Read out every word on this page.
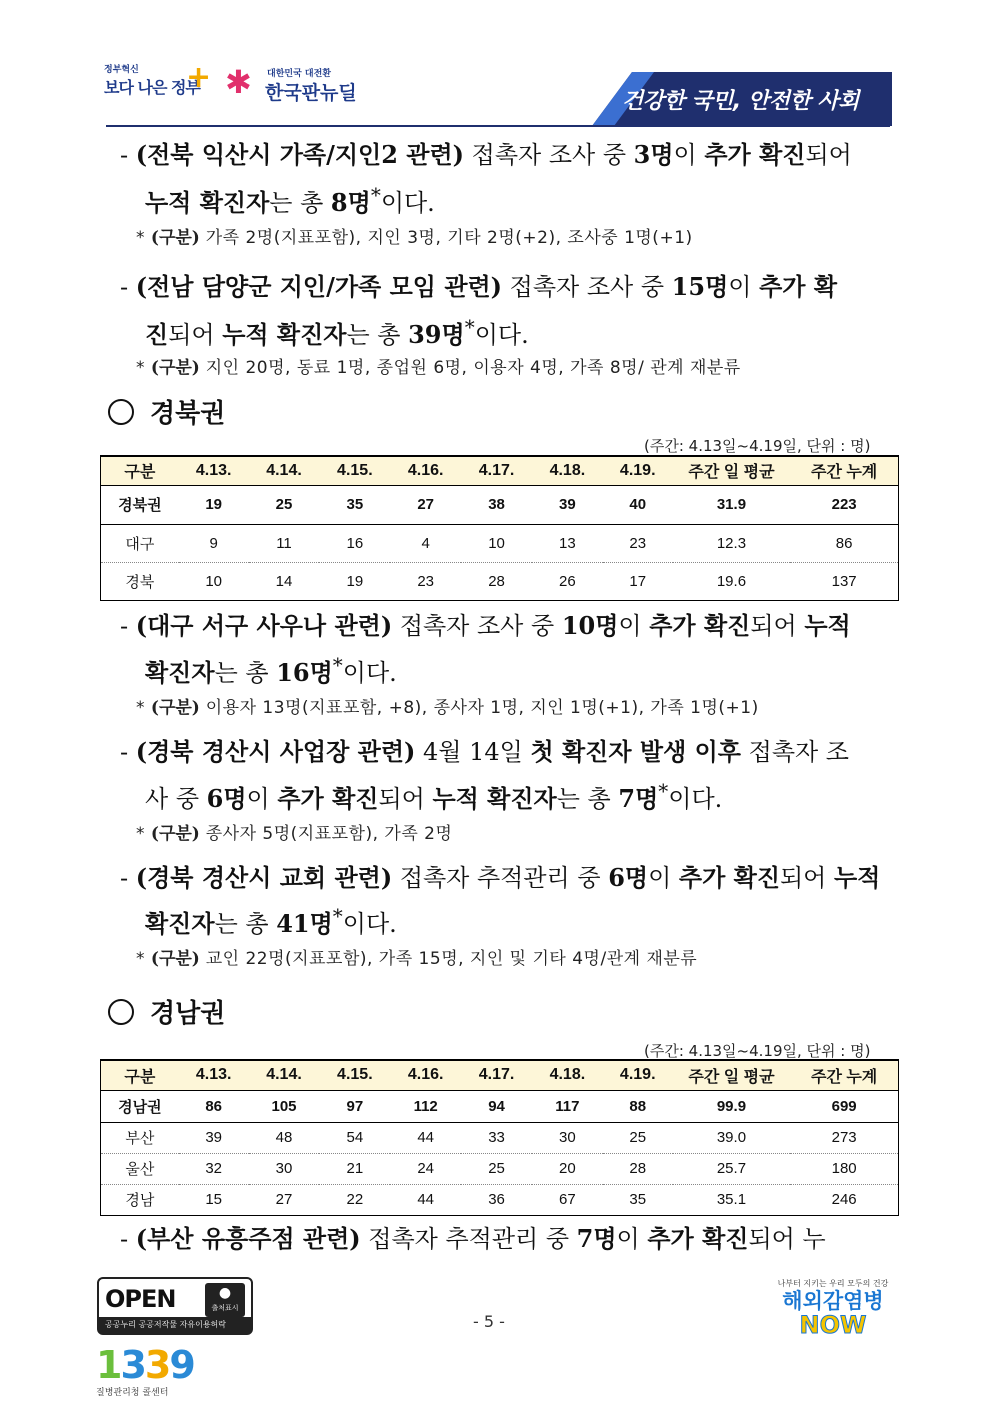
정부혁신
보다 나은 정부
+ ✱ 대한민국 대전환
한국판뉴딜	건강한 국민, 안전한 사회
- (전북 익산시 가족/지인2 관련) 접촉자 조사 중 3명이 추가 확진되어
누적 확진자는 총 8명*이다.
* (구분) 가족 2명(지표포함), 지인 3명, 기타 2명(+2), 조사중 1명(+1)
- (전남 담양군 지인/가족 모임 관련) 접촉자 조사 중 15명이 추가 확
진되어 누적 확진자는 총 39명*이다.
* (구분) 지인 20명, 동료 1명, 종업원 6명, 이용자 4명, 가족 8명/ 관계 재분류
경북권
(주간: 4.13일~4.19일, 단위 : 명)
구분	4.13.	4.14.	4.15.	4.16.	4.17.	4.18.	4.19.	주간 일 평균	주간 누계
경북권	19	25	35	27	38	39	40	31.9	223
대구	9	11	16	4	10	13	23	12.3	86
경북	10	14	19	23	28	26	17	19.6	137
- (대구 서구 사우나 관련) 접촉자 조사 중 10명이 추가 확진되어 누적
확진자는 총 16명*이다.
* (구분) 이용자 13명(지표포함, +8), 종사자 1명, 지인 1명(+1), 가족 1명(+1)
- (경북 경산시 사업장 관련) 4월 14일 첫 확진자 발생 이후 접촉자 조
사 중 6명이 추가 확진되어 누적 확진자는 총 7명*이다.
* (구분) 종사자 5명(지표포함), 가족 2명
- (경북 경산시 교회 관련) 접촉자 추적관리 중 6명이 추가 확진되어 누적
확진자는 총 41명*이다.
* (구분) 교인 22명(지표포함), 가족 15명, 지인 및 기타 4명/관계 재분류
경남권
(주간: 4.13일~4.19일, 단위 : 명)
구분	4.13.	4.14.	4.15.	4.16.	4.17.	4.18.	4.19.	주간 일 평균	주간 누계
경남권	86	105	97	112	94	117	88	99.9	699
부산	39	48	54	44	33	30	25	39.0	273
울산	32	30	21	24	25	20	28	25.7	180
경남	15	27	22	44	36	67	35	35.1	246
- (부산 유흥주점 관련) 접촉자 추적관리 중 7명이 추가 확진되어 누
OPEN	●
출처표시
공공누리 공공저작물 자유이용허락	- 5 -
1339
질병관리청 콜센터
나부터 지키는 우리 모두의 건강
해외감염병
NOW
